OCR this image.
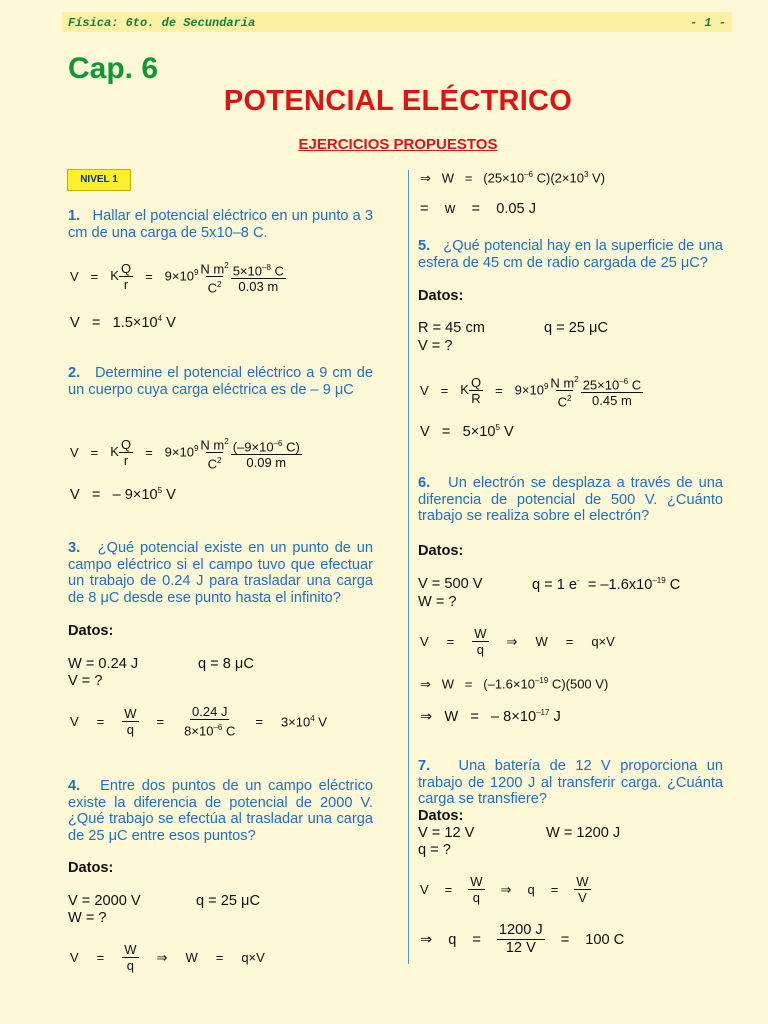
Física: 6to. de Secundaria	- 1 -
Cap. 6
POTENCIAL ELÉCTRICO
EJERCICIOS PROPUESTOS
NIVEL 1
1. Hallar el potencial eléctrico en un punto a 3 cm de una carga de 5x10–8 C.
V = K $\frac{Q}{r} = 9\times 10^9 \frac{N m^2}{C^2} \frac{5\times 10^{-8} C}{0.03 m}$
$V = 1.5\times 10^4$ V
2. Determine el potencial eléctrico a 9 cm de un cuerpo cuya carga eléctrica es de – 9 μC
V = K $\frac{Q}{r} = 9\times 10^9 \frac{N m^2}{C^2} \frac{(-9\times 10^{-6} C)}{0.09 m}$
V   =   – $9\times 10^5$ V
3. ¿Qué potencial existe en un punto de un campo eléctrico si el campo tuvo que efectuar un trabajo de 0.24 J para trasladar una carga de 8 μC desde ese punto hasta el infinito?
Datos:
W = 0.24 J	q = 8 μC
V = ?
$V = \frac{W}{q} = \frac{0.24 J}{8\times 10^{-6} C} = 3\times 10^4$ V
4. Entre dos puntos de un campo eléctrico existe la diferencia de potencial de 2000 V. ¿Qué trabajo se efectúa al trasladar una carga de 25 μC entre esos puntos?
Datos:
V = 2000 V	q = 25 μC
W = ?
$V = \frac{W}{q}$ ⇒ W = q×V
⇒   $W = (25\times 10^{-6}$ $C)(2\times 10^3$ V)
=    w    =    0.05 J
5. ¿Qué potencial hay en la superficie de una esfera de 45 cm de radio cargada de 25 μC?
Datos:
R = 45 cm	q = 25 μC
V = ?
V = K $\frac{Q}{R} = 9\times 10^9 \frac{N m^2}{C^2} \frac{25\times 10^{-6} C}{0.45 m}$
$V = 5\times 10^5$ V
6. Un electrón se desplaza a través de una diferencia de potencial de 500 V. ¿Cuánto trabajo se realiza sobre el electrón?
Datos:
V = 500 V	q = 1 $e^- = -1.6x10^{-19}$ C
W = ?
$V = \frac{W}{q}$ ⇒ W = q×V
⇒   $W = (-1.6\times 10^{-19}$ C)(500 V)
⇒   W   =   – $8\times 10^{-17}$ J
7. Una batería de 12 V proporciona un trabajo de 1200 J al transferir carga. ¿Cuánta carga se transfiere?
Datos:
V = 12 V	W = 1200 J
q = ?
$V = \frac{W}{q}$ ⇒ $q = \frac{W}{V}$
⇒ $q = \frac{1200 J}{12 V} = 100$ C
